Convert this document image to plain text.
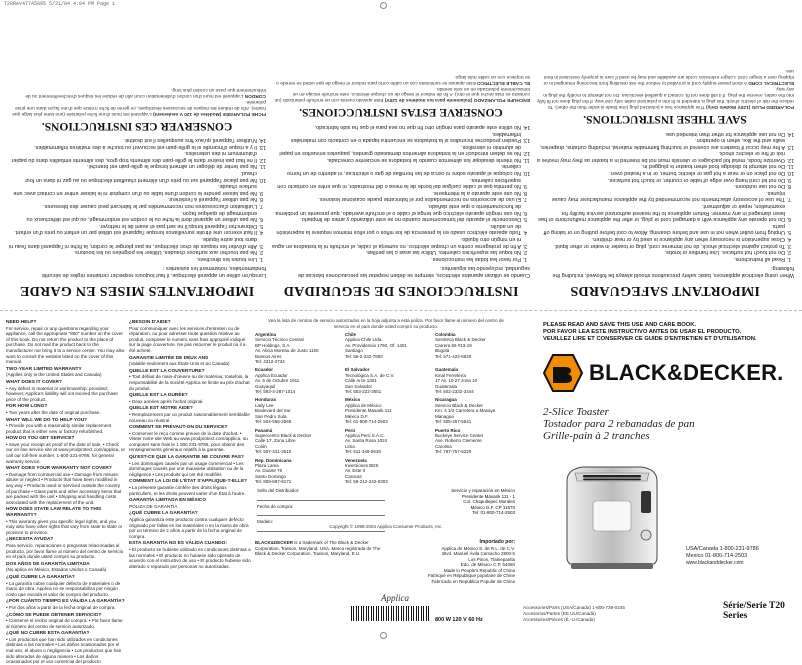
T20Rev477A5895 5/21/04 4:04 PM Page 1
IMPORTANT SAFEGUARDS
When using electrical appliances, basic safety precautions should always be followed, including the following:
1. Read all instructions.
2. Do not touch hot surfaces. Use handles or knobs.
3. To protect against electrical shock, do not immerse cord, plug or toaster in water or other liquid.
4. Close supervision is necessary when any appliance is used by or near children.
5. Unplug from outlet when not in use and before cleaning. Allow to cool before putting on or taking off parts.
6. Do not operate any appliance with a damaged cord or plug, or after the appliance malfunctions or has been damaged in any manner. Return appliance to the nearest authorized service facility for examination, repair or adjustment.
7. The use of accessory attachments not recommended by the appliance manufacturer may cause injuries.
8. Do not use outdoors.
9. Do not let cord hang over edge of table or counter, or touch hot surfaces.
10. Do not place on or near a hot gas or electric burner, or in a heated oven.
11. Do not attempt to dislodge food when toaster is plugged in.
12. Oversize foods, metal foil packages or utensils must not be inserted in a toaster as they may involve a risk of fire or electric shock.
13. A fire may occur if toasters are covered or touching flammable material, including curtains, draperies, walls and the like, when in operation.
14. Do not use appliance for other than intended use.
SAVE THESE INSTRUCTIONS.
POLARIZED PLUG (120V Models Only) This appliance has a polarized plug (one blade is wider than the other). To reduce the risk of electric shock, this plug is intended to fit into a polarized outlet only one way. If the plug does not fit fully into the outlet, reverse the plug. If it still does not fit, contact a qualified electrician. Do not attempt to modify the plug in any way.
ELECTRICAL CORD A short power-supply cord is provided to reduce the risk resulting from becoming entangled in or tripping over a longer cord. Longer extension cords are available and may be used if care is properly exercised in their use.
INSTRUCCIONES DE SEGURIDAD
Cuando se utilizan aparatos eléctricos, siempre se deben respetar las precauciones básicas de seguridad, incluyendo las siguientes:
1. Por favor lea todas las instrucciones.
2. No toque las superficies calientes. Utilice las asas o las perillas.
3. A fin de protegerse contra un choque eléctrico, no sumerja el cable, el enchufe ni la tostadora en agua ni en ningún otro líquido.
4. Todo aparato eléctrico usado en la presencia de los niños o por ellos mismos requiere la supervisión de un adulto.
5. Desconecte el aparato del tomacorriente cuando no se esté utilizando y antes de limpiarlo.
6. No use ningún aparato eléctrico que tenga el cable o el enchufe averiado, que presente un problema de funcionamiento o que esté dañado.
7. El uso de accesorios no recomendados por el fabricante puede ocasionar lesiones.
8. No use este aparato a la intemperie.
9. No permita que el cable cuelgue del borde de la mesa o del mostrador, ni que entre en contacto con superficies calientes.
10. No coloque el aparato sobre ni cerca de las hornillas de gas o eléctricas, ni adentro de un horno caliente.
11. No intente desalojar los alimentos cuando la tostadora se encuentre conectada.
12. No se deben introducir en la tostadora alimentos demasiado grandes, paquetes envueltos en papel de aluminio ni utensilios.
13. Pueden producirse incendios si la tostadora se encuentra tapada o en contacto con materiales inflamables.
14. No utilice este aparato para ningún otro fin que no sea para el que ha sido fabricado.
CONSERVE ESTAS INSTRUCCIONES.
ENCHUFE POLARIZADO (Solamente para los modelos de 120V) Este aparato cuenta con un enchufe polarizado (un contacto es más ancho que el otro). A fin de reducir el riesgo de un choque eléctrico, este enchufe encaja en un tomacorriente polarizada en un solo sentido.
EL CABLE ELÉCTRICO Este aparato se suministra con un cable corto para reducir el riesgo de que usted se enrede o se tropiece con un cable más largo.
IMPORTANTES MISES EN GARDE
Lorsqu'on utilise un appareil électrique, il faut toujours respecter certaines règles de sécurité fondamentales, notamment les suivantes :
1. Lire toutes les directives.
2. Ne pas toucher aux surfaces chaudes. Utiliser les poignées ou les boutons.
3. Afin d'éviter les risques de choc électrique, ne pas plonger le cordon, la fiche ni l'appareil dans l'eau ni dans tout autre liquide.
4. Il faut exercer une étroite surveillance lorsque l'appareil est utilisé par un enfant ou près d'un enfant.
5. Débrancher l'appareil lorsqu'il ne sert pas et avant de le nettoyer.
6. Ne pas utiliser un appareil dont la fiche ou le cordon est endommagé, ou qui est défectueux ou endommagé de quelque façon.
7. L'utilisation d'accessoires non recommandés par le fabricant peut causer des blessures.
8. Ne pas utiliser l'appareil à l'extérieur.
9. Ne pas laisser pendre le cordon d'une table ou d'un comptoir ni le laisser entrer en contact avec une surface chaude.
10. Ne pas placer l'appareil sur ou près d'un élément chauffant électrique ou au gaz ni dans un four chaud.
11. Ne pas tenter de déloger un aliment lorsque le grille-pain est branché.
12. Il ne faut pas insérer dans le grille-pain des aliments trop gros, des aliments emballés dans du papier d'aluminium ni des ustensiles.
13. Il y a risque d'incendie si le grille-pain est recouvert ou touche à des matières inflammables.
14. N'utiliser l'appareil qu'aux fins auxquelles il est destiné.
CONSERVER CES INSTRUCTIONS.
FICHE POLARISÉE (Modèles de 120 V seulement) L'appareil est muni d'une fiche polarisée (une lame plus large que l'autre). Afin de réduire les risques de secousses électriques, ce genre de fiche n'entre que d'une façon dans une prise polarisée.
CORDON L'appareil est muni d'un cordon d'alimentation court afin de réduire les risques d'enchevêtrement ou de trébuchement que pose un cordon plus long.
NEED HELP?

For service, repair or any questions regarding your appliance, call the appropriate "800" number on the cover of this book. Do not return the product to the place of purchase. Do not mail the product back to the manufacturer nor bring it to a service center. You may also want to consult the website listed on the cover of this manual.

TWO-YEAR LIMITED WARRANTY

(Applies only in the United States and Canada)

WHAT DOES IT COVER?

• Any defect in material or workmanship; provided; however, Applica's liability will not exceed the purchase price of the product.

FOR HOW LONG?

• Two years after the date of original purchase.

WHAT WILL WE DO TO HELP YOU?

• Provide you with a reasonably similar replacement product that is either new or factory refurbished.

HOW DO YOU GET SERVICE?

• Save your receipt as proof of the date of sale. • Check our on-line service site at www.prodprotect.com/applica, or call our toll-free number, 1-800-231-9786, for general warranty service.

WHAT DOES YOUR WARRANTY NOT COVER?

• Damage from commercial use • Damage from misuse, abuse or neglect • Products that have been modified in any way • Products used or serviced outside the country of purchase • Glass parts and other accessory items that are packed with the unit • Shipping and handling costs associated with the replacement of the unit.

HOW DOES STATE LAW RELATE TO THIS WARRANTY?

• This warranty gives you specific legal rights, and you may also have other rights that vary from state to state or province to province.

¿NECESITA AYUDA?

Para servicio, reparaciones o preguntas relacionadas al producto, por favor llame al número del centro de servicio en el país donde usted compró su producto.

DOS AÑOS DE GARANTÍA LIMITADA

(No aplica en México, Estados Unidos o Canadá)

¿QUÉ CUBRE LA GARANTÍA?

• La garantía cubre cualquier defecto de materiales o de mano de obra. Applica no se responsabiliza por ningún costo que exceda el valor de compra del producto.

¿POR CUÁNTO TIEMPO ES VÁLIDA LA GARANTÍA?

• Por dos años a partir de la fecha original de compra.

¿CÓMO SE PUEDE OBTENER SERVICIO?

• Conserve el recibo original de compra. • Por favor llame al número del centro de servicio autorizado.

¿QUÉ NO CUBRE ESTA GARANTÍA?

• Los productos que han sido utilizados en condiciones distintas a las normales • Los daños ocasionados por el mal uso, el abuso o negligencia • Los productos que han sido alterados de alguna manera • Los daños ocasionados por el uso comercial del producto

¿BESOIN D'AIDE?

Pour communiquer avec les services d'entretien ou de réparation, ou pour adresser toute question relative au produit, composer le numéro sans frais approprié indiqué sur la page couverture. Ne pas retourner le produit où il a été acheté.

GARANTIE LIMITÉE DE DEUX ANS

(Valable seulement aux États-Unis et au Canada)

QUELLE EST LA COUVERTURE?

• Tout défaut de main-d'œuvre ou de matériau; toutefois, la responsabilité de la société Applica se limite au prix d'achat du produit.

QUELLE EST LA DURÉE?

• Deux années après l'achat original.

QUELLE EST NOTRE AIDE?

• Remplacement par un produit raisonnablement semblable nouveau ou réusiné.

COMMENT SE PRÉVAUT-ON DU SERVICE?

• Conserver le reçu comme preuve de la date d'achat. • Visiter notre site Web au www.prodprotect.com/applica, ou composer sans frais le 1 800 231-9786, pour obtenir des renseignements généraux relatifs à la garantie.

QU'EST-CE QUE LA GARANTIE NE COUVRE PAS?

• Les dommages causés par un usage commercial • Les dommages causés par une mauvaise utilisation ou de la négligence • Les produits qui ont été modifiés

COMMENT LA LOI DE L'ÉTAT S'APPLIQUE-T-ELLE?

• La présente garantie confère des droits légaux particuliers, et les droits peuvent varier d'un État à l'autre.

GARANTÍA LIMITADA EN MÉXICO

PÓLIZA DE GARANTÍA

¿QUÉ CUBRE LA GARANTÍA?

Applica garantiza este producto contra cualquier defecto originado por fallas en los materiales o en la mano de obra por un término de 2 años a partir de la fecha original de compra.

ESTA GARANTÍA NO ES VÁLIDA CUANDO:

• El producto se hubiese utilizado en condiciones distintas a las normales • El producto no hubiese sido operado de acuerdo con el instructivo de uso • El producto hubiese sido alterado o reparado por personas no autorizadas.

Vea la lista de centros de servicio autorizados en la hoja adjunta a esta póliza. Por favor llame al número del centro de servicio en el país donde usted compró su producto.
Argentina
Servicio Técnico Central
BP Holdings, S.A.
Av. Alicia Moreau de Justo 1150
Buenos Aires
Tel: 4312-2734
Chile
Applica Chile Ltda.
Av. Providencia 1760, Of. 1401
Santiago
Tel: 56-2-232-7800
Colombia
Serviteca Black & Decker
Carrera 65 #13-19
Bogotá
Tel: 571-422-6820
Ecuador
Applica Ecuador
Av. 9 de Octubre 1911
Guayaquil
Tel: 593-4-287-1014
El Salvador
Tecnológica S.A. de C.V.
Calle Arce 1301
San Salvador
Tel: 503-222-3551
Guatemala
Kinal Ferretería
17 Av. 10-27 zona 10
Guatemala
Tel: 502-2332-3444
Honduras
Lady Lee
Boulevard del Sur
San Pedro Sula
Tel: 504-556-2565
México
Applica de México
Presidente Masarik 111
México D.F.
Tel: 01-800-714-2503
Nicaragua
Servicio Black & Decker
Km. 4 1/2 Carretera a Masaya
Managua
Tel: 505-267-5541
Panamá
Supercentro Black & Decker
Calle 17, Zona Libre
Colón
Tel: 507-441-3510
Perú
Applica Perú S.A.C.
Av. Santa Rosa 1024
Lima
Tel: 511-349-5530
Puerto Rico
Buckeye Service Center
Ave. Roberto Clemente
Carolina
Tel: 787-757-6220
Rep. Dominicana
Plaza Lama
Av. Duarte 76
Santo Domingo
Tel: 809-687-9171
Venezuela
Inversiones BDS
Av. Este 0
Caracas
Tel: 58-212-242-0303
Sello del Distribuidor:
Fecha de compra:
Modelo:
Servicio y reparación en México
Presidente Masarik 111 - 1
Col. Chapultepec Morales
México D.F. CP 11570
Tel: 01-800-714-2503
Copyright © 1998-2004 Applica Consumer Products, Inc.
BLACK&DECKER is a trademark of The Black & Decker Corporation, Towson, Maryland, USA. Marca registrada de The Black & Decker Corporation, Towson, Maryland, E.U.
Importado por:
Applica de México S. de R.L. de C.V.
Blvd. Manuel Ávila Camacho 2900-5
Los Pinos, Tlalnepantla
Edo. de México C.P. 54060
Made in People's Republic of China
Fabriqué en République populaire de Chine
Fabricado en República Popular de China
Applica
800 W 120 V 60 Hz
PLEASE READ AND SAVE THIS USE AND CARE BOOK.
POR FAVOR LEA ESTE INSTRUCTIVO ANTES DE USAR EL PRODUCTO.
VEUILLEZ LIRE ET CONSERVER CE GUIDE D'ENTRETIEN ET D'UTILISATION.
BLACK&DECKER.
2-Slice Toaster
Tostador para 2 rebanadas de pan
Grille-pain à 2 tranches
USA/Canada 1-800-231-9786
Mexico 01-800-714-2503
www.blackanddecker.com
Accessories/Parts (USA/Canada) 1-800-738-0245
Accesorios/Partes (EE.UU/Canadá)
Accessoires/Pièces (É.-U./Canada)
Série/Serie T20 Series
